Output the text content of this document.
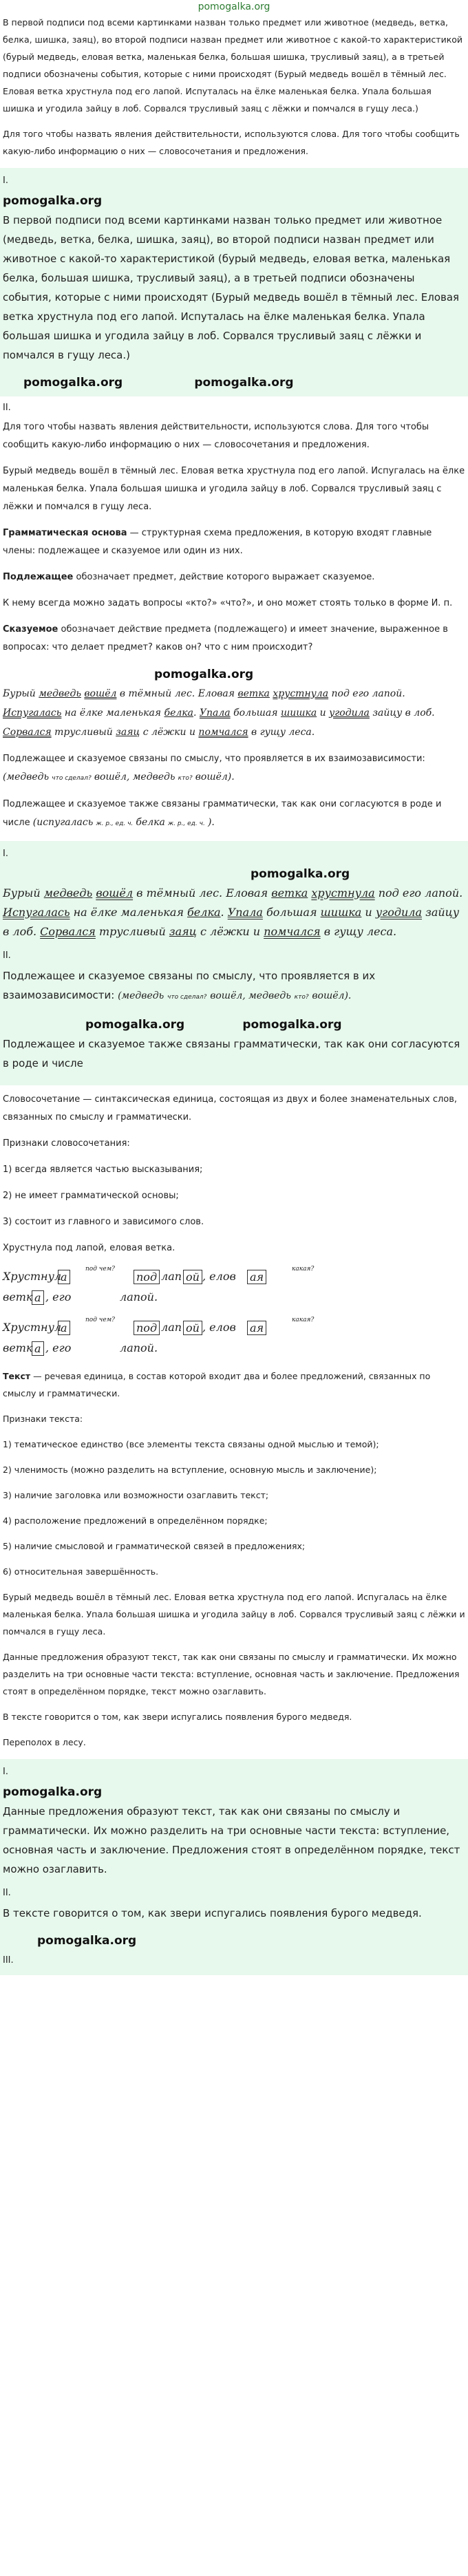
pomogalka.org

В первой подписи под всеми картинками назван только предмет или животное (медведь, ветка, белка, шишка, заяц), во второй подписи назван предмет или животное с какой-то характеристикой (бурый медведь, еловая ветка, маленькая белка, большая шишка, трусливый заяц), а в третьей подписи обозначены события, которые с ними происходят (Бурый медведь вошёл в тёмный лес. Еловая ветка хрустнула под его лапой. Испуталась на ёлке маленькая белка. Упала большая шишка и угодила зайцу в лоб. Сорвался трусливый заяц с лёжки и помчался в гущу леса.)

Для того чтобы назвать явления действительности, используются слова. Для того чтобы сообщить какую-либо информацию о них — словосочетания и предложения.

I.
pomogalka.org

В первой подписи под всеми картинками назван только предмет или животное (медведь, ветка, белка, шишка, заяц), во второй подписи назван предмет или животное с какой-то характеристикой (бурый медведь, еловая ветка, маленькая белка, большая шишка, трусливый заяц), а в третьей подписи обозначены события, которые с ними происходят (Бурый медведь вошёл в тёмный лес. Еловая ветка хрустнула под его лапой. Испуталась на ёлке маленькая белка. Упала большая шишка и угодила зайцу в лоб. Сорвался трусливый заяц с лёжки и помчался в гущу леса.)

pomogalka.org	pomogalka.org
II.

Для того чтобы назвать явления действительности, используются слова. Для того чтобы сообщить какую-либо информацию о них — словосочетания и предложения.

Бурый медведь вошёл в тёмный лес. Еловая ветка хрустнула под его лапой. Испугалась на ёлке маленькая белка. Упала большая шишка и угодила зайцу в лоб. Сорвался трусливый заяц с лёжки и помчался в гущу леса.

Грамматическая основа — структурная схема предложения, в которую входят главные члены: подлежащее и сказуемое или один из них.

Подлежащее обозначает предмет, действие которого выражает сказуемое.

К нему всегда можно задать вопросы «кто?» «что?», и оно может стоять только в форме И. п.

Сказуемое обозначает действие предмета (подлежащего) и имеет значение, выраженное в вопросах: что делает предмет? каков он? что с ним происходит?

pomogalka.org

Бурый медведь вошёл в тёмный лес. Еловая ветка хрустнула под его лапой. Испугалась на ёлке маленькая белка. Упала большая шишка и угодила зайцу в лоб. Сорвался трусливый заяц с лёжки и помчался в гущу леса.

Подлежащее и сказуемое связаны по смыслу, что проявляется в их взаимозависимости: (медведь что сделал? вошёл, медведь кто? вошёл).

Подлежащее и сказуемое также связаны грамматически, так как они согласуются в роде и числе (испугалась ж. р., ед. ч. белка ж. р., ед. ч. ).

I.
pomogalka.org

Бурый медведь вошёл в тёмный лес. Еловая ветка хрустнула под его лапой. Испугалась на ёлке маленькая белка. Упала большая шишка и угодила зайцу в лоб. Сорвался трусливый заяц с лёжки и помчался в гущу леса.

II.

Подлежащее и сказуемое связаны по смыслу, что проявляется в их взаимозависимости: (медведь что сделал? вошёл, медведь кто? вошёл).

pomogalka.org	pomogalka.org

Подлежащее и сказуемое также связаны грамматически, так как они согласуются в роде и числе

Словосочетание — синтаксическая единица, состоящая из двух и более знаменательных слов, связанных по смыслу и грамматически.

Признаки словосочетания:

1) всегда является частью высказывания;

2) не имеет грамматической основы;

3) состоит из главного и зависимого слов.

Хрустнула под лапой, еловая ветка.

Хрустнул
а
под чем?
под лап ой , елов ая
какая?
ветк а , его	лапой.
Хрустнул
а
под чем?
под лап ой , елов ая
какая?
ветк а , его	лапой.

Текст — речевая единица, в состав которой входит два и более предложений, связанных по смыслу и грамматически.

Признаки текста:

1) тематическое единство (все элементы текста связаны одной мыслью и темой);

2) членимость (можно разделить на вступление, основную мысль и заключение);

3) наличие заголовка или возможности озаглавить текст;

4) расположение предложений в определённом порядке;

5) наличие смысловой и грамматической связей в предложениях;

6) относительная завершённость.

Бурый медведь вошёл в тёмный лес. Еловая ветка хрустнула под его лапой. Испугалась на ёлке маленькая белка. Упала большая шишка и угодила зайцу в лоб. Сорвался трусливый заяц с лёжки и помчался в гущу леса.

Данные предложения образуют текст, так как они связаны по смыслу и грамматически. Их можно разделить на три основные части текста: вступление, основная часть и заключение. Предложения стоят в определённом порядке, текст можно озаглавить.

В тексте говорится о том, как звери испугались появления бурого медведя.

Переполох в лесу.

I.
pomogalka.org

Данные предложения образуют текст, так как они связаны по смыслу и грамматически. Их можно разделить на три основные части текста: вступление, основная часть и заключение. Предложения стоят в определённом порядке, текст можно озаглавить.

II.

В тексте говорится о том, как звери испугались появления бурого медведя.

pomogalka.org
III.
